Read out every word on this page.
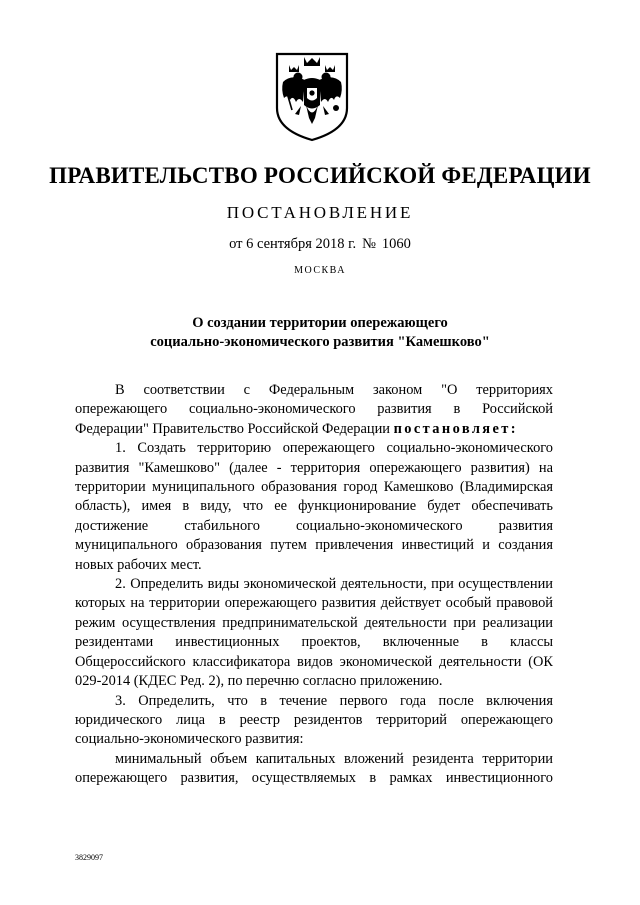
ПРАВИТЕЛЬСТВО РОССИЙСКОЙ ФЕДЕРАЦИИ
ПОСТАНОВЛЕНИЕ
от 6 сентября 2018 г. № 1060
МОСКВА
О создании территории опережающего
социально-экономического развития "Камешково"

В соответствии с Федеральным законом "О территориях опережающего социально-экономического развития в Российской Федерации" Правительство Российской Федерации постановляет:

1. Создать территорию опережающего социально-экономического развития "Камешково" (далее - территория опережающего развития) на территории муниципального образования город Камешково (Владимирская область), имея в виду, что ее функционирование будет обеспечивать достижение стабильного социально-экономического развития муниципального образования путем привлечения инвестиций и создания новых рабочих мест.

2. Определить виды экономической деятельности, при осуществлении которых на территории опережающего развития действует особый правовой режим осуществления предпринимательской деятельности при реализации резидентами инвестиционных проектов, включенные в классы Общероссийского классификатора видов экономической деятельности (ОК 029-2014 (КДЕС Ред. 2), по перечню согласно приложению.

3. Определить, что в течение первого года после включения юридического лица в реестр резидентов территорий опережающего социально-экономического развития:

минимальный объем капитальных вложений резидента территории опережающего развития, осуществляемых в рамках инвестиционного

3829097
